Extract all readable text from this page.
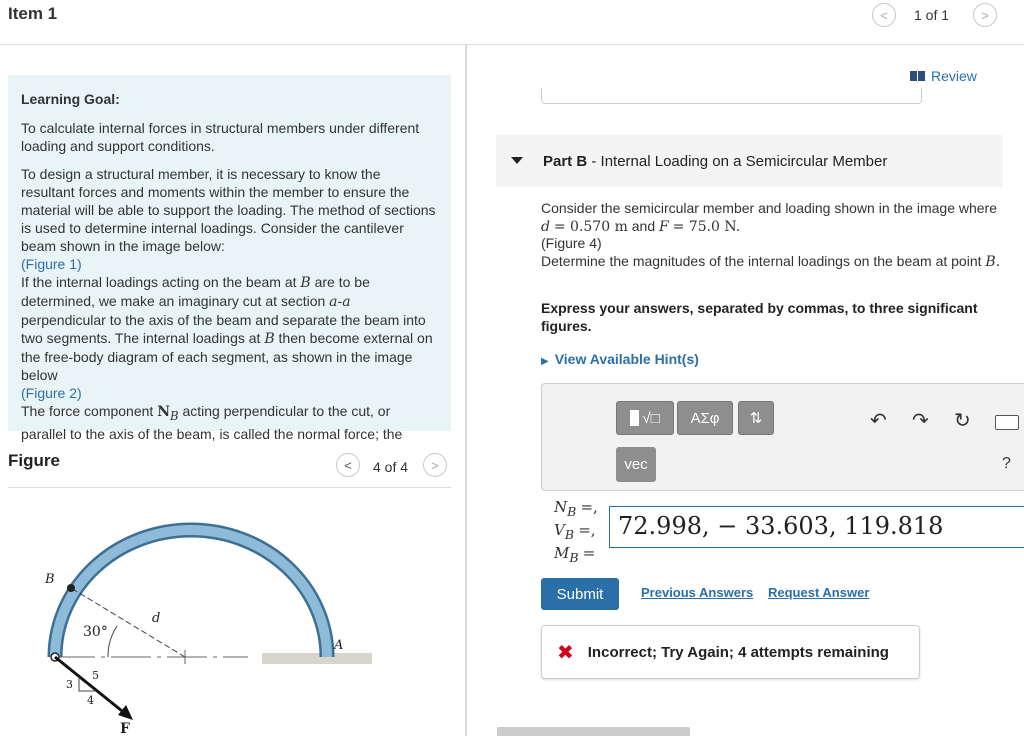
Item 1	< 1 of 1 >
Learning Goal:

To calculate internal forces in structural members under different loading and support conditions.

To design a structural member, it is necessary to know the resultant forces and moments within the member to ensure the material will be able to support the loading. The method of sections is used to determine internal loadings. Consider the cantilever beam shown in the image below:

(Figure 1)
If the internal loadings acting on the beam at B are to be determined, we make an imaginary cut at section a-a perpendicular to the axis of the beam and separate the beam into two segments. The internal loadings at B then become external on the free-body diagram of each segment, as shown in the image below
(Figure 2)
The force component $N_B$ acting perpendicular to the cut, or parallel to the axis of the beam, is called the normal force; the
Figure	< 4 of 4 >
B
A
d
30°
F
3
4
5
Review
Part B - Internal Loading on a Semicircular Member
Consider the semicircular member and loading shown in the image where d = 0.570 m and F = 75.0 N.
(Figure 4)
Determine the magnitudes of the internal loadings on the beam at point B.
Express your answers, separated by commas, to three significant figures.
▶ View Available Hint(s)
√□	ΑΣφ	⇅	↶ ↷ ↻
vec	?
$N_B$ =,
$V_B$ =,
$M_B$ =
72.998, − 33.603, 119.818
Submit	Previous Answers Request Answer
✖ Incorrect; Try Again; 4 attempts remaining
